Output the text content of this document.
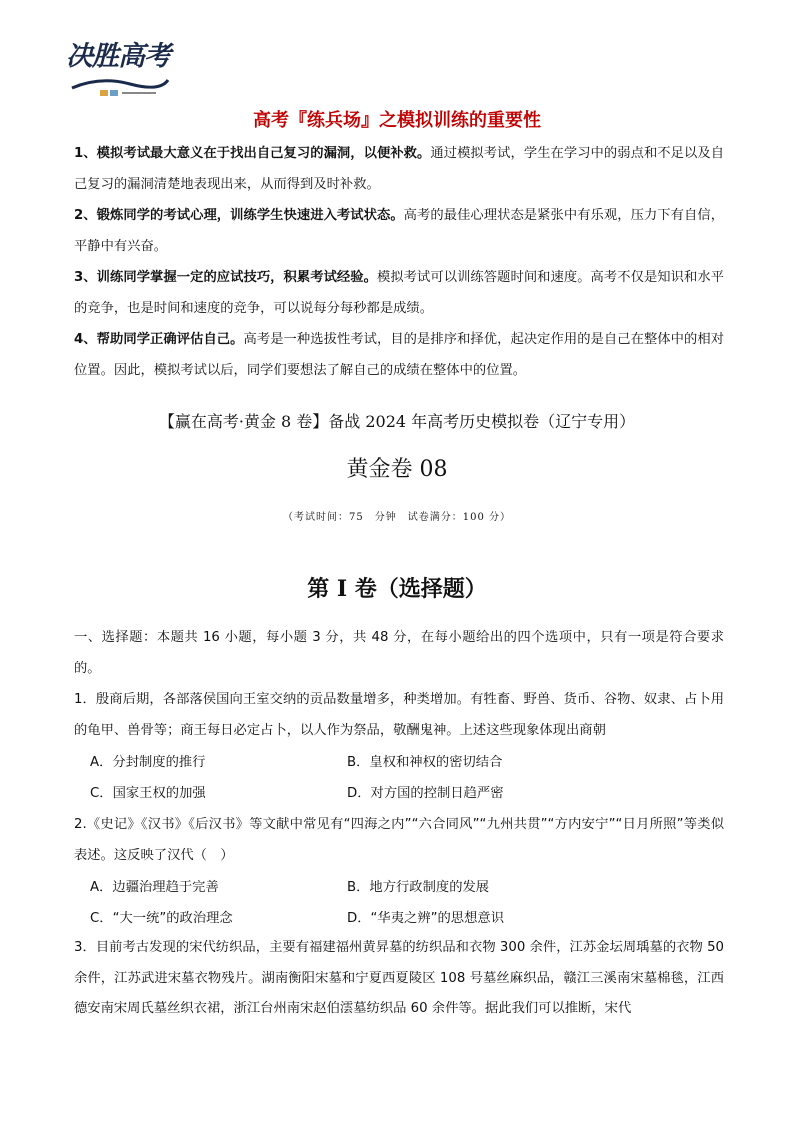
决胜高考
高考『练兵场』之模拟训练的重要性
1、模拟考试最大意义在于找出自己复习的漏洞，以便补救。通过模拟考试，学生在学习中的弱点和不足以及自己复习的漏洞清楚地表现出来，从而得到及时补救。
2、锻炼同学的考试心理，训练学生快速进入考试状态。高考的最佳心理状态是紧张中有乐观，压力下有自信，平静中有兴奋。
3、训练同学掌握一定的应试技巧，积累考试经验。模拟考试可以训练答题时间和速度。高考不仅是知识和水平的竞争，也是时间和速度的竞争，可以说每分每秒都是成绩。
4、帮助同学正确评估自己。高考是一种选拔性考试，目的是排序和择优，起决定作用的是自己在整体中的相对位置。因此，模拟考试以后，同学们要想法了解自己的成绩在整体中的位置。
【赢在高考·黄金 8 卷】备战 2024 年高考历史模拟卷（辽宁专用）
黄金卷 08
（考试时间：75　分钟　试卷满分：100 分）
第 I 卷（选择题）
一、选择题：本题共 16 小题，每小题 3 分，共 48 分，在每小题给出的四个选项中，只有一项是符合要求的。
1．殷商后期，各部落侯国向王室交纳的贡品数量增多，种类增加。有牲畜、野兽、货币、谷物、奴隶、占卜用的龟甲、兽骨等；商王每日必定占卜，以人作为祭品，敬酬鬼神。上述这些现象体现出商朝
A．分封制度的推行	B．皇权和神权的密切结合
C．国家王权的加强	D．对方国的控制日趋严密
2.《史记》《汉书》《后汉书》等文献中常见有“四海之内”“六合同风”“九州共贯”“方内安宁”“日月所照”等类似表述。这反映了汉代（　）
A．边疆治理趋于完善	B．地方行政制度的发展
C．“大一统”的政治理念	D．“华夷之辨”的思想意识
3．目前考古发现的宋代纺织品，主要有福建福州黄昇墓的纺织品和衣物 300 余件，江苏金坛周瑀墓的衣物 50 余件，江苏武进宋墓衣物残片。湖南衡阳宋墓和宁夏西夏陵区 108 号墓丝麻织品，赣江三溪南宋墓棉毯，江西德安南宋周氏墓丝织衣裙，浙江台州南宋赵伯澐墓纺织品 60 余件等。据此我们可以推断，宋代
